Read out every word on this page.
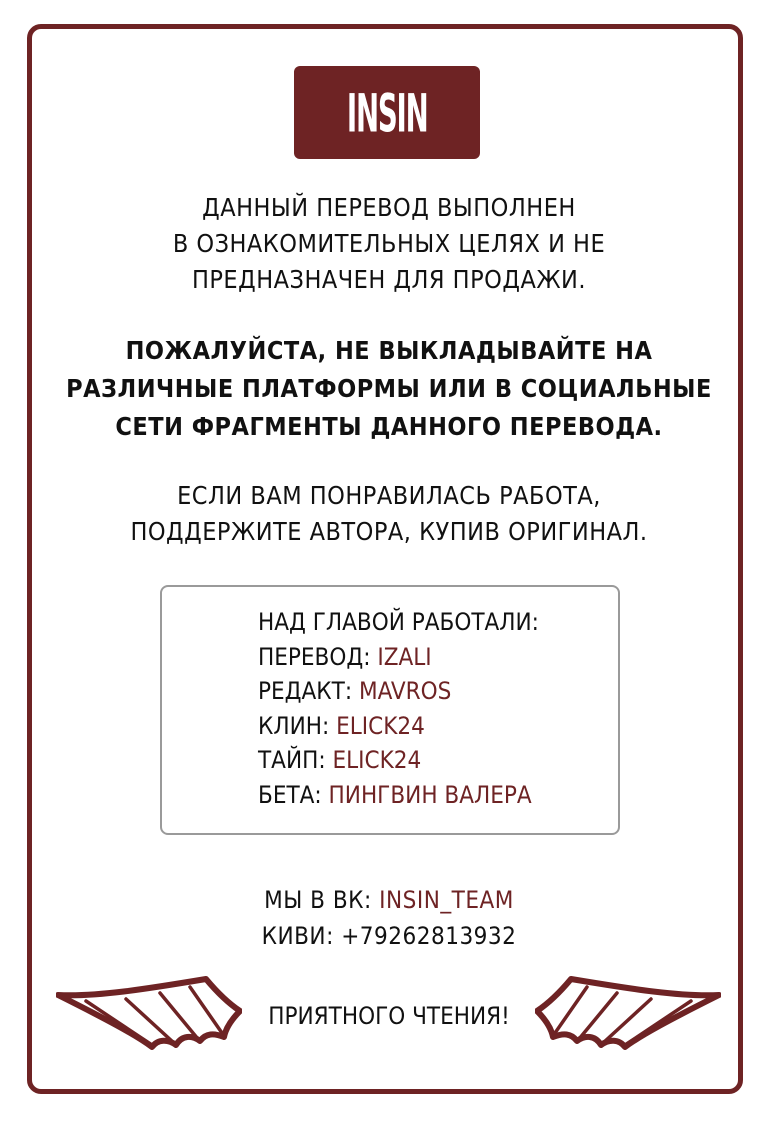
INSIN

ДАННЫЙ ПЕРЕВОД ВЫПОЛНЕН

В ОЗНАКОМИТЕЛЬНЫХ ЦЕЛЯХ И НЕ

ПРЕДНАЗНАЧЕН ДЛЯ ПРОДАЖИ.

ПОЖАЛУЙСТА, НЕ ВЫКЛАДЫВАЙТЕ НА

РАЗЛИЧНЫЕ ПЛАТФОРМЫ ИЛИ В СОЦИАЛЬНЫЕ

СЕТИ ФРАГМЕНТЫ ДАННОГО ПЕРЕВОДА.

ЕСЛИ ВАМ ПОНРАВИЛАСЬ РАБОТА,

ПОДДЕРЖИТЕ АВТОРА, КУПИВ ОРИГИНАЛ.

НАД ГЛАВОЙ РАБОТАЛИ:
ПЕРЕВОД: IZALI
РЕДАКТ: MAVROS
КЛИН: ELICK24
ТАЙП: ELICK24
БЕТА: ПИНГВИН ВАЛЕРА

МЫ В ВК: INSIN_TEAM

КИВИ: +79262813932

ПРИЯТНОГО ЧТЕНИЯ!
